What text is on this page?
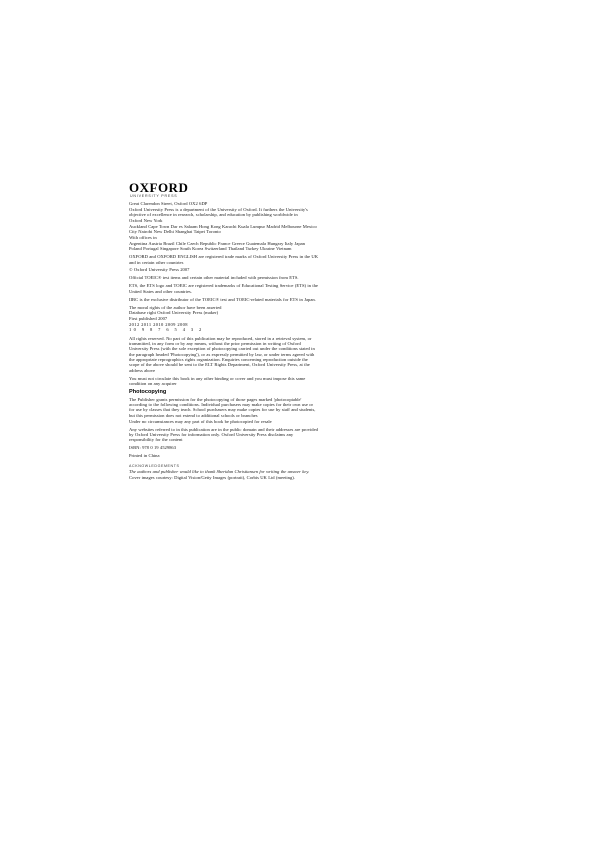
OXFORD
UNIVERSITY PRESS

Great Clarendon Street, Oxford OX2 6DP

Oxford University Press is a department of the University of Oxford. It furthers the University's objective of excellence in research, scholarship, and education by publishing worldwide in

Oxford New York

Auckland Cape Town Dar es Salaam Hong Kong Karachi Kuala Lumpur Madrid Melbourne Mexico City Nairobi New Delhi Shanghai Taipei Toronto

With offices in

Argentina Austria Brazil Chile Czech Republic France Greece Guatemala Hungary Italy Japan Poland Portugal Singapore South Korea Switzerland Thailand Turkey Ukraine Vietnam

OXFORD and OXFORD ENGLISH are registered trade marks of Oxford University Press in the UK and in certain other countries

© Oxford University Press 2007

Official TOEIC® test items and certain other material included with permission from ETS.

ETS, the ETS logo and TOEIC are registered trademarks of Educational Testing Service (ETS) in the United States and other countries.

IIBC is the exclusive distributor of the TOEIC® test and TOEIC-related materials for ETS in Japan.

The moral rights of the author have been asserted

Database right Oxford University Press (maker)

First published 2007

2012 2011 2010 2009 2008

10 9 8 7 6 5 4 3 2

All rights reserved. No part of this publication may be reproduced, stored in a retrieval system, or transmitted, in any form or by any means, without the prior permission in writing of Oxford University Press (with the sole exception of photocopying carried out under the conditions stated in the paragraph headed 'Photocopying'), or as expressly permitted by law, or under terms agreed with the appropriate reprographics rights organization. Enquiries concerning reproduction outside the scope of the above should be sent to the ELT Rights Department, Oxford University Press, at the address above

You must not circulate this book in any other binding or cover and you must impose this same condition on any acquirer

Photocopying

The Publisher grants permission for the photocopying of those pages marked 'photocopiable' according to the following conditions. Individual purchasers may make copies for their own use or for use by classes that they teach. School purchasers may make copies for use by staff and students, but this permission does not extend to additional schools or branches

Under no circumstances may any part of this book be photocopied for resale

Any websites referred to in this publication are in the public domain and their addresses are provided by Oxford University Press for information only. Oxford University Press disclaims any responsibility for the content

ISBN: 978 0 19 4529863

Printed in China

ACKNOWLEDGEMENTS

The authors and publisher would like to thank Sheridan Christiansen for writing the answer key.

Cover images courtesy: Digital Vision/Getty Images (portrait), Corbis UK Ltd (meeting).
